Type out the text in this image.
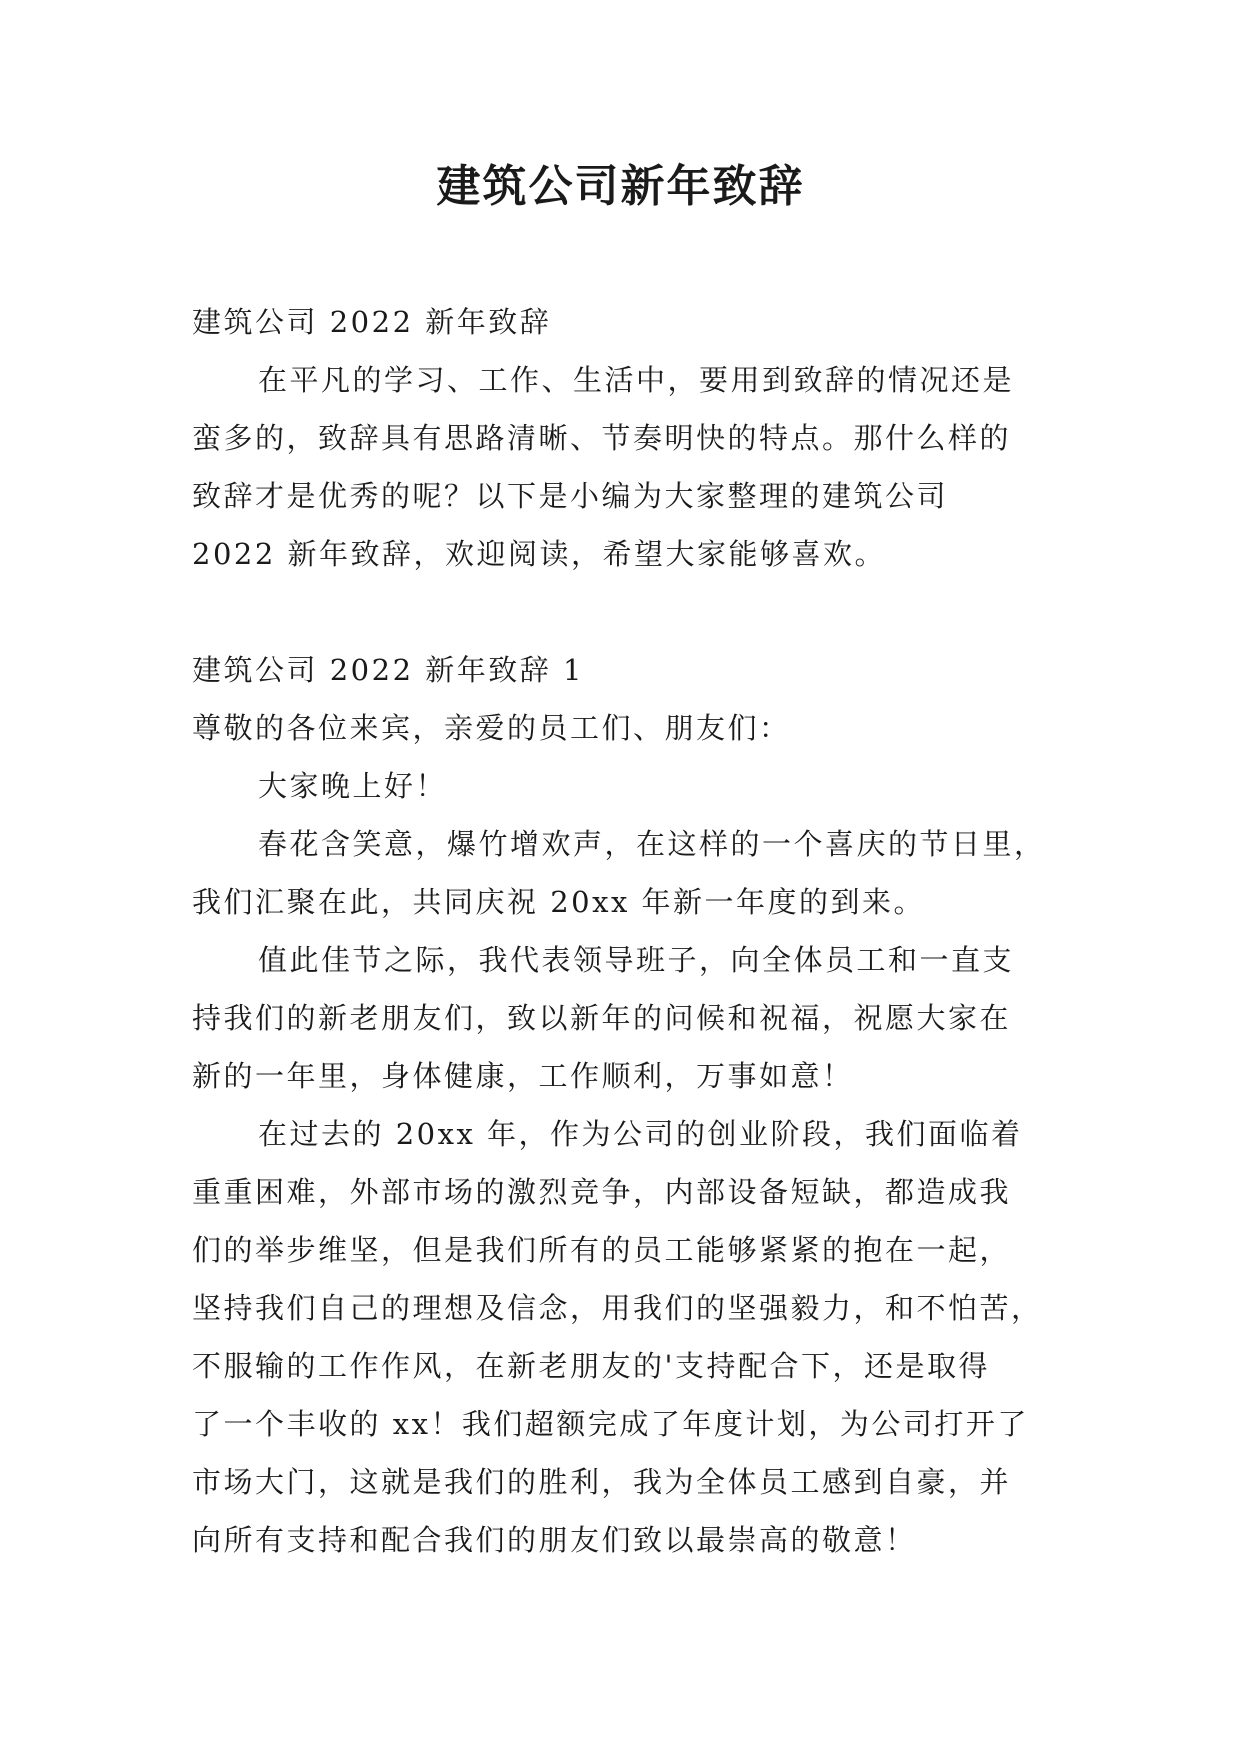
建筑公司新年致辞

建筑公司 2022 新年致辞

在平凡的学习、工作、生活中，要用到致辞的情况还是

蛮多的，致辞具有思路清晰、节奏明快的特点。那什么样的

致辞才是优秀的呢？以下是小编为大家整理的建筑公司

2022 新年致辞，欢迎阅读，希望大家能够喜欢。

建筑公司 2022 新年致辞 1

尊敬的各位来宾，亲爱的员工们、朋友们：

大家晚上好！

春花含笑意，爆竹增欢声，在这样的一个喜庆的节日里，

我们汇聚在此，共同庆祝 20xx 年新一年度的到来。

值此佳节之际，我代表领导班子，向全体员工和一直支

持我们的新老朋友们，致以新年的问候和祝福，祝愿大家在

新的一年里，身体健康，工作顺利，万事如意！

在过去的 20xx 年，作为公司的创业阶段，我们面临着

重重困难，外部市场的激烈竞争，内部设备短缺，都造成我

们的举步维坚，但是我们所有的员工能够紧紧的抱在一起，

坚持我们自己的理想及信念，用我们的坚强毅力，和不怕苦，

不服输的工作作风，在新老朋友的'支持配合下，还是取得

了一个丰收的 xx！我们超额完成了年度计划，为公司打开了

市场大门，这就是我们的胜利，我为全体员工感到自豪，并

向所有支持和配合我们的朋友们致以最崇高的敬意！
